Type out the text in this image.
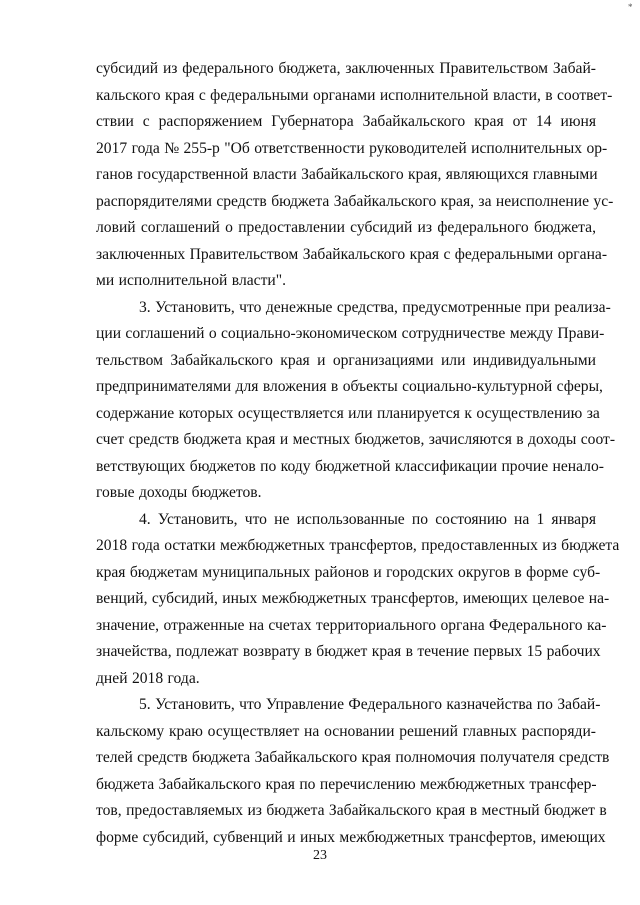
*
субсидий из федерального бюджета, заключенных Правительством Забай-
кальского края с федеральными органами исполнительной власти, в соответ-
ствии с распоряжением Губернатора Забайкальского края от 14 июня
2017 года № 255-р "Об ответственности руководителей исполнительных ор-
ганов государственной власти Забайкальского края, являющихся главными
распорядителями средств бюджета Забайкальского края, за неисполнение ус-
ловий соглашений о предоставлении субсидий из федерального бюджета,
заключенных Правительством Забайкальского края с федеральными органа-
ми исполнительной власти".
3. Установить, что денежные средства, предусмотренные при реализа-
ции соглашений о социально-экономическом сотрудничестве между Прави-
тельством Забайкальского края и организациями или индивидуальными
предпринимателями для вложения в объекты социально-культурной сферы,
содержание которых осуществляется или планируется к осуществлению за
счет средств бюджета края и местных бюджетов, зачисляются в доходы соот-
ветствующих бюджетов по коду бюджетной классификации прочие ненало-
говые доходы бюджетов.
4. Установить, что не использованные по состоянию на 1 января
2018 года остатки межбюджетных трансфертов, предоставленных из бюджета
края бюджетам муниципальных районов и городских округов в форме суб-
венций, субсидий, иных межбюджетных трансфертов, имеющих целевое на-
значение, отраженные на счетах территориального органа Федерального ка-
значейства, подлежат возврату в бюджет края в течение первых 15 рабочих
дней 2018 года.
5. Установить, что Управление Федерального казначейства по Забай-
кальскому краю осуществляет на основании решений главных распоряди-
телей средств бюджета Забайкальского края полномочия получателя средств
бюджета Забайкальского края по перечислению межбюджетных трансфер-
тов, предоставляемых из бюджета Забайкальского края в местный бюджет в
форме субсидий, субвенций и иных межбюджетных трансфертов, имеющих
23
